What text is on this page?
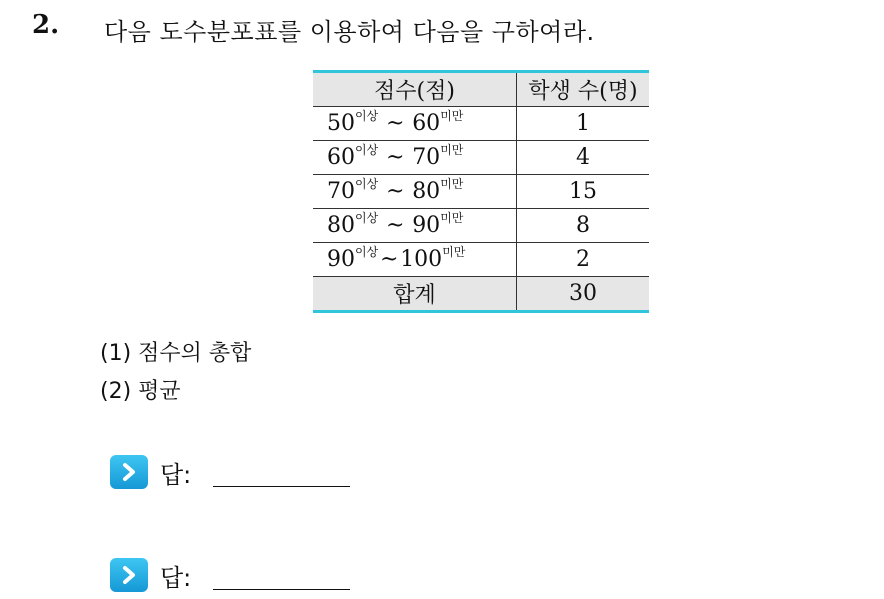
2. 다음 도수분포표를 이용하여 다음을 구하여라.
점수(점)	학생 수(명)
$50^{이상}$ ~ $60^{미만}$	1
$60^{이상}$ ~ $70^{미만}$	4
$70^{이상}$ ~ $80^{미만}$	15
$80^{이상}$ ~ $90^{미만}$	8
$90^{이상}\sim 100^{미만}$	2
합계	30
(1) 점수의 총합
(2) 평균
답:
답:
